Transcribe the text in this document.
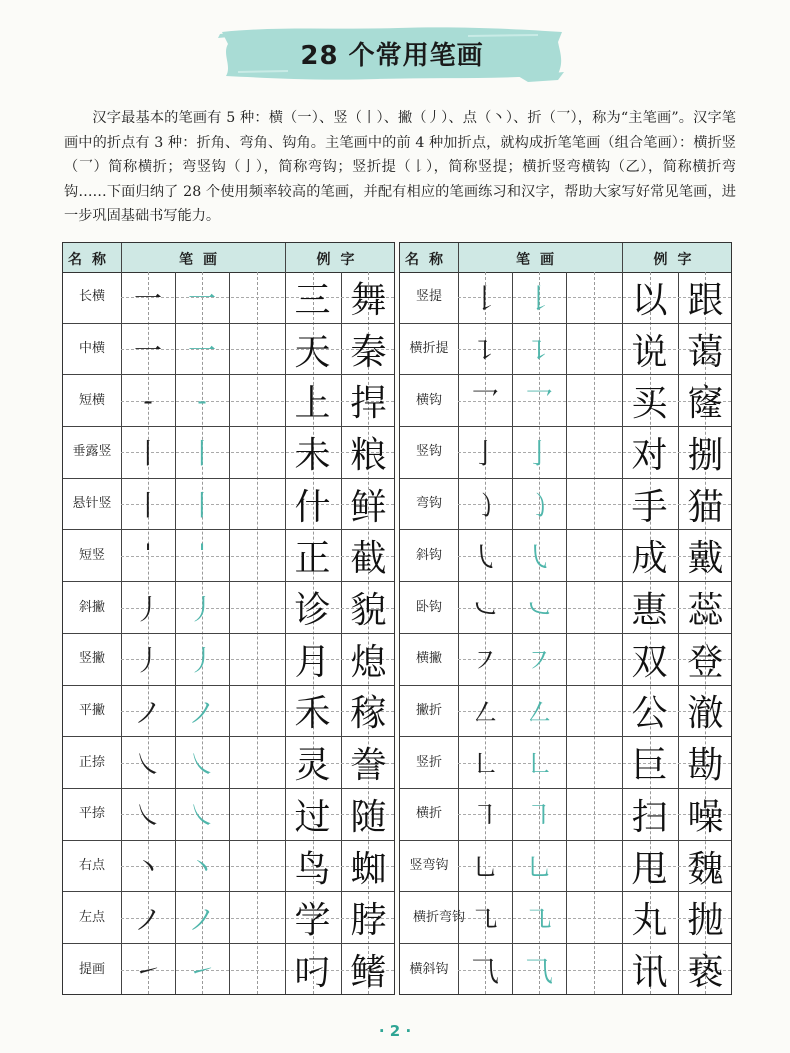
28 个常用笔画
汉字最基本的笔画有 5 种：横（一）、竖（丨）、撇（丿）、点（丶）、折（乛），称为“主笔画”。汉字笔画中的折点有 3 种：折角、弯角、钩角。主笔画中的前 4 种加折点，就构成折笔笔画（组合笔画）：横折竖（乛）简称横折；弯竖钩（亅），简称弯钩；竖折提（𠄌），简称竖提；横折竖弯横钩（乙），简称横折弯钩……下面归纳了 28 个使用频率较高的笔画，并配有相应的笔画练习和汉字，帮助大家写好常见笔画，进一步巩固基础书写能力。
名称	笔画	例字
长横	一 一	三 舞
中横	一 一	天 秦
短横	-	-	上 捍
垂露竖 丨 丨	未 粮
悬针竖 丨 丨	什 鲜
短竖	ˈ	ˈ	正 截
斜撇	丿 丿	诊 貌
竖撇	丿 丿	月 熄
平撇	ノ ノ	禾 稼
正捺	㇏ ㇏	灵 誊
平捺	㇏ ㇏	过 随
右点	丶 丶	鸟 蜘
左点	ノ ノ	学 脖
提画	㇀ ㇀	叼 鳍
名称	笔画	例字
竖提	𠄌 𠄌	以 跟
横折提 ㇊ ㇊	说 蔼
横钩	乛 乛	买 窿
竖钩	亅 亅	对 捌
弯钩	㇁ ㇁	手 猫
斜钩	㇂ ㇂	成 戴
卧钩	㇃ ㇃	惠 蕊
横撇	㇇ ㇇	双 登
撇折	㇜ ㇜	公 澈
竖折	㇗ ㇗	巨 勘
横折	㇕ ㇕	扫 噪
竖弯钩 ㇟ ㇟	甩 魏
横折弯钩 ㇈ ㇈	丸 抛
横斜钩 ⺄ ⺄	讯 亵
· 2 ·
